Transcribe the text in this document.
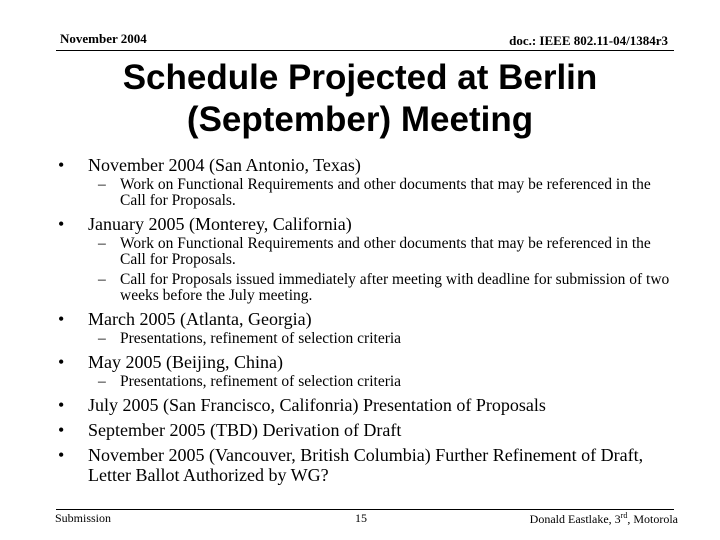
November 2004	doc.: IEEE 802.11-04/1384r3
Schedule Projected at Berlin
(September) Meeting
• November 2004 (San Antonio, Texas)
– Work on Functional Requirements and other documents that may be referenced in the Call for Proposals.
• January 2005 (Monterey, California)
– Work on Functional Requirements and other documents that may be referenced in the Call for Proposals.
– Call for Proposals issued immediately after meeting with deadline for submission of two weeks before the July meeting.
• March 2005 (Atlanta, Georgia)
– Presentations, refinement of selection criteria
• May 2005 (Beijing, China)
– Presentations, refinement of selection criteria
• July 2005 (San Francisco, Califonria) Presentation of Proposals
• September 2005 (TBD) Derivation of Draft
• November 2005 (Vancouver, British Columbia) Further Refinement of Draft, Letter Ballot Authorized by WG?
Submission	15	Donald Eastlake, 3rd, Motorola
